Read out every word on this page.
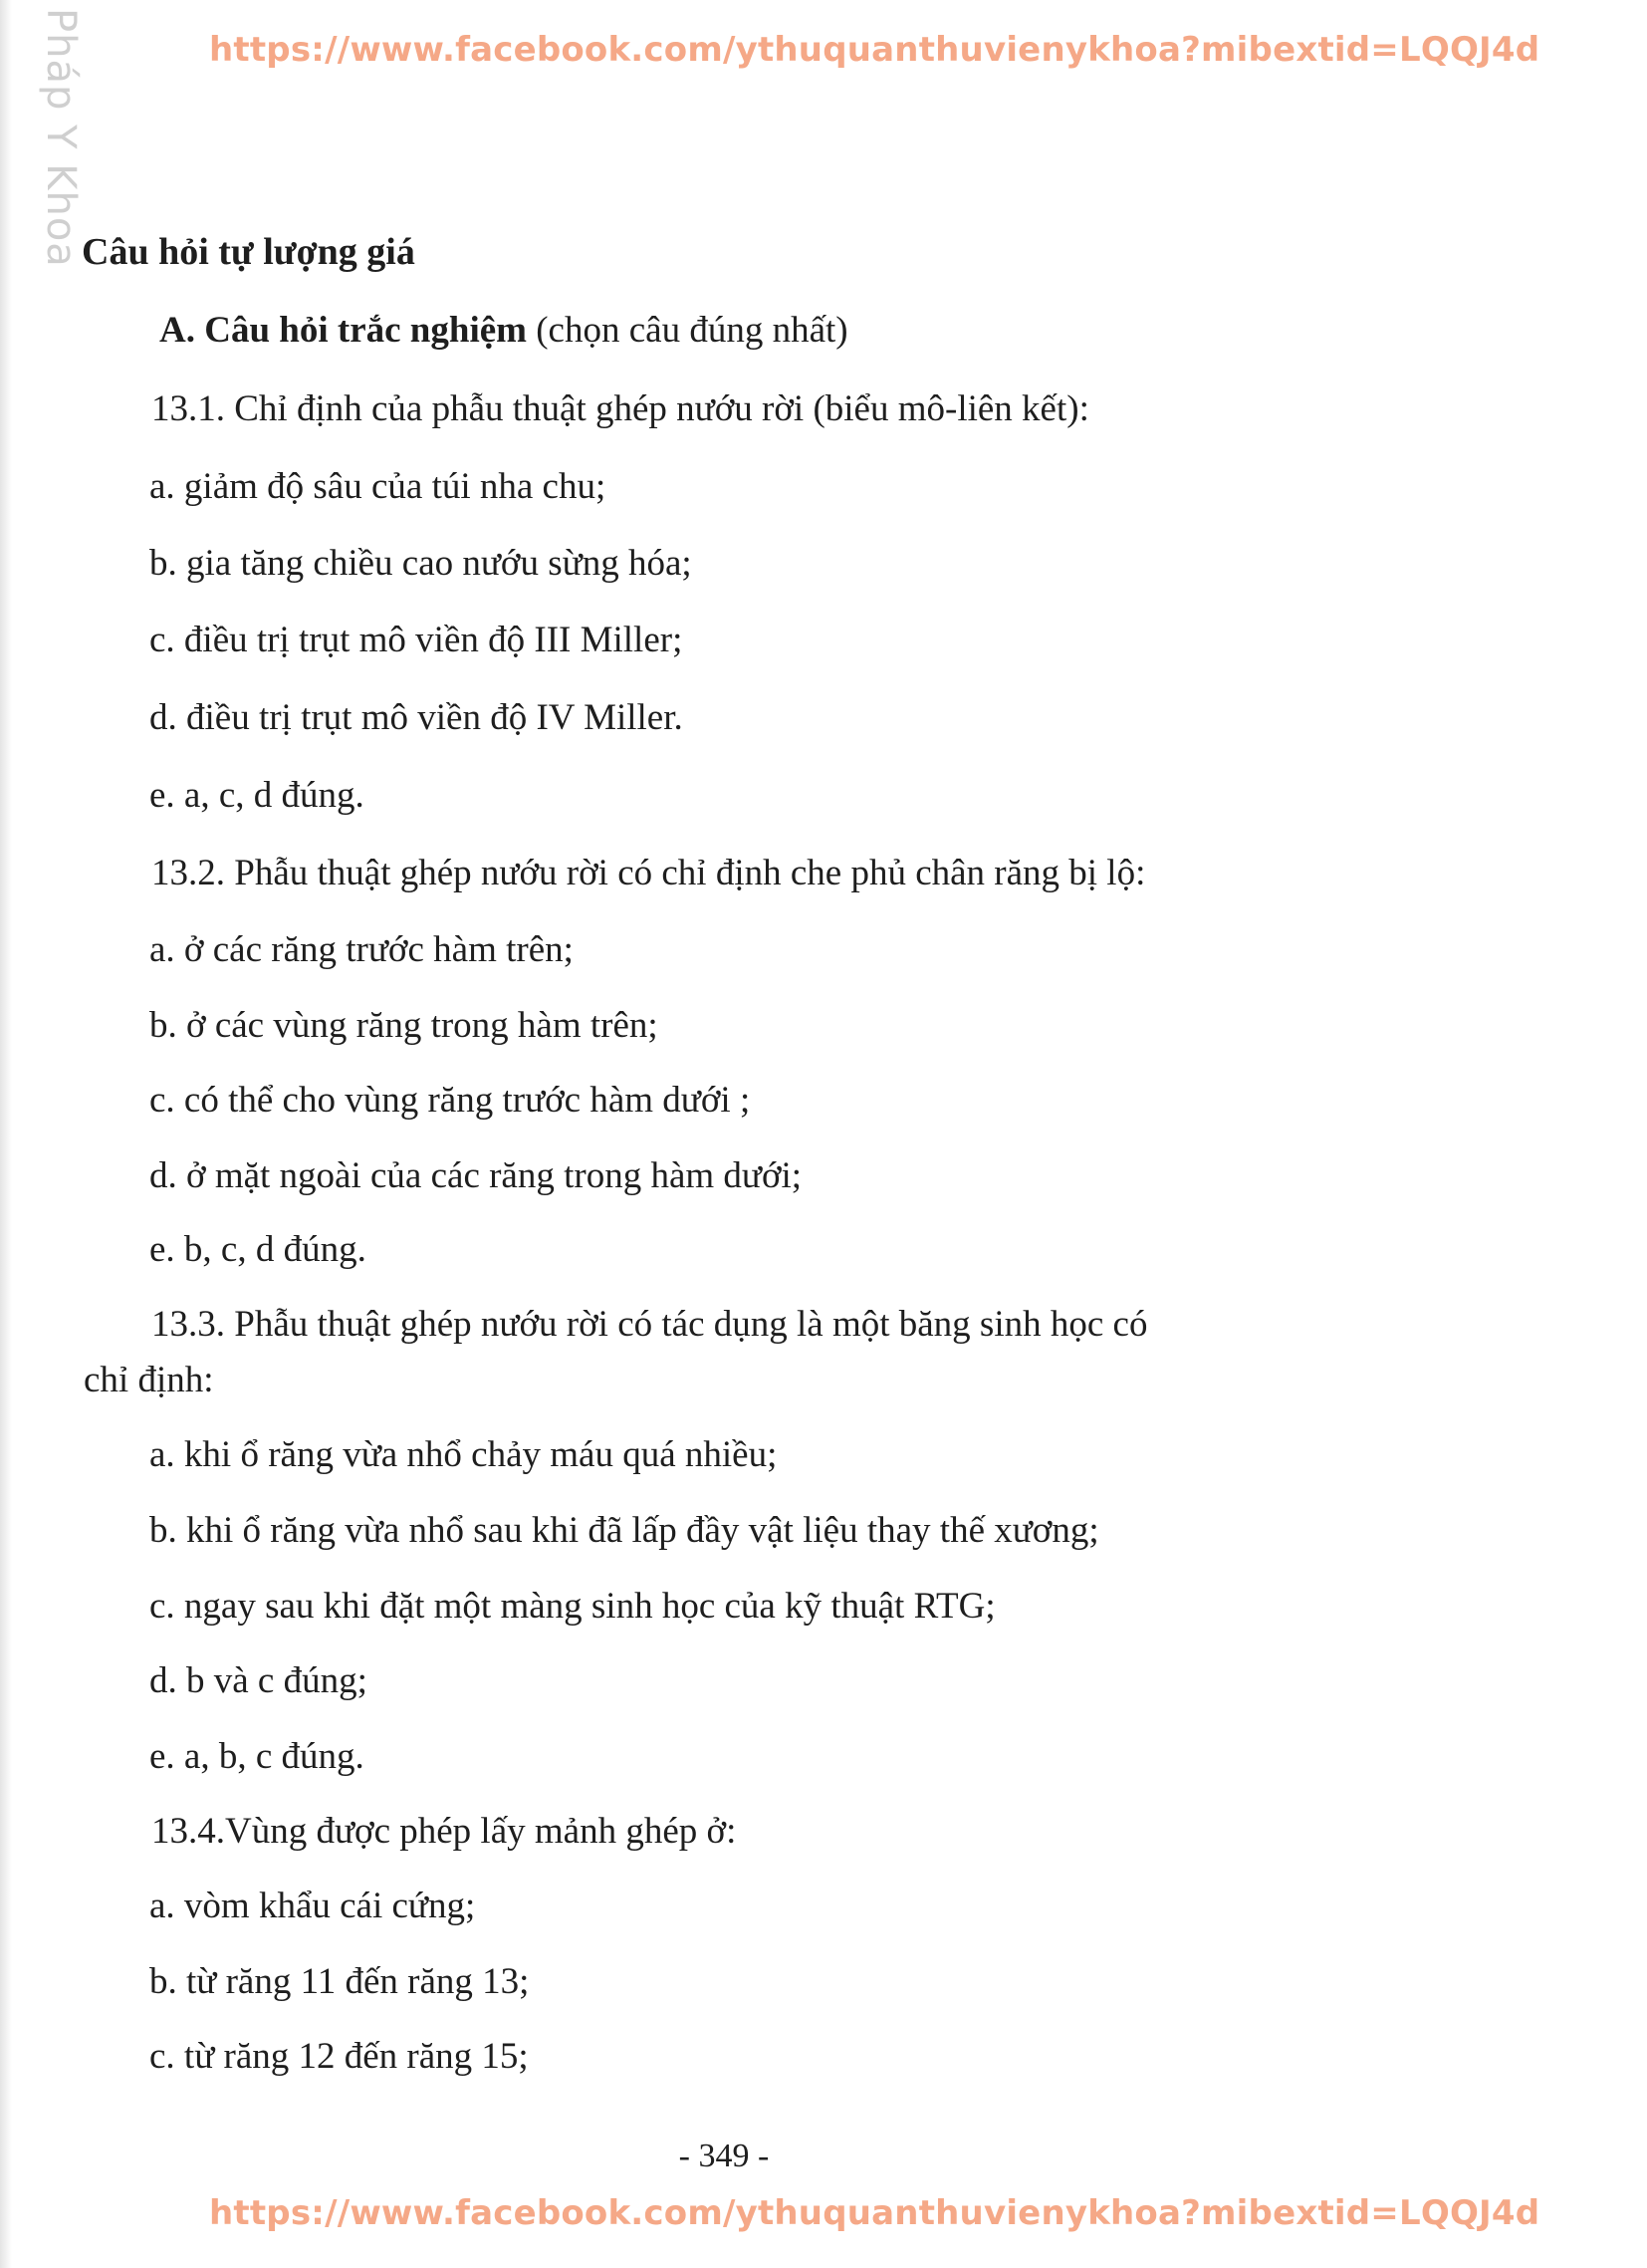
Pháp Y Khoa	https://www.facebook.com/ythuquanthuvienykhoa?mibextid=LQQJ4d
Câu hỏi tự lượng giá
A. Câu hỏi trắc nghiệm (chọn câu đúng nhất)
13.1. Chỉ định của phẫu thuật ghép nướu rời (biểu mô-liên kết):
a. giảm độ sâu của túi nha chu;
b. gia tăng chiều cao nướu sừng hóa;
c. điều trị trụt mô viền độ III Miller;
d. điều trị trụt mô viền độ IV Miller.
e. a, c, d đúng.
13.2. Phẫu thuật ghép nướu rời có chỉ định che phủ chân răng bị lộ:
a. ở các răng trước hàm trên;
b. ở các vùng răng trong hàm trên;
c. có thể cho vùng răng trước hàm dưới ;
d. ở mặt ngoài của các răng trong hàm dưới;
e. b, c, d đúng.
13.3. Phẫu thuật ghép nướu rời có tác dụng là một băng sinh học có
chỉ định:
a. khi ổ răng vừa nhổ chảy máu quá nhiều;
b. khi ổ răng vừa nhổ sau khi đã lấp đầy vật liệu thay thế xương;
c. ngay sau khi đặt một màng sinh học của kỹ thuật RTG;
d. b và c đúng;
e. a, b, c đúng.
13.4.Vùng được phép lấy mảnh ghép ở:
a. vòm khẩu cái cứng;
b. từ răng 11 đến răng 13;
c. từ răng 12 đến răng 15;
- 349 -
https://www.facebook.com/ythuquanthuvienykhoa?mibextid=LQQJ4d
